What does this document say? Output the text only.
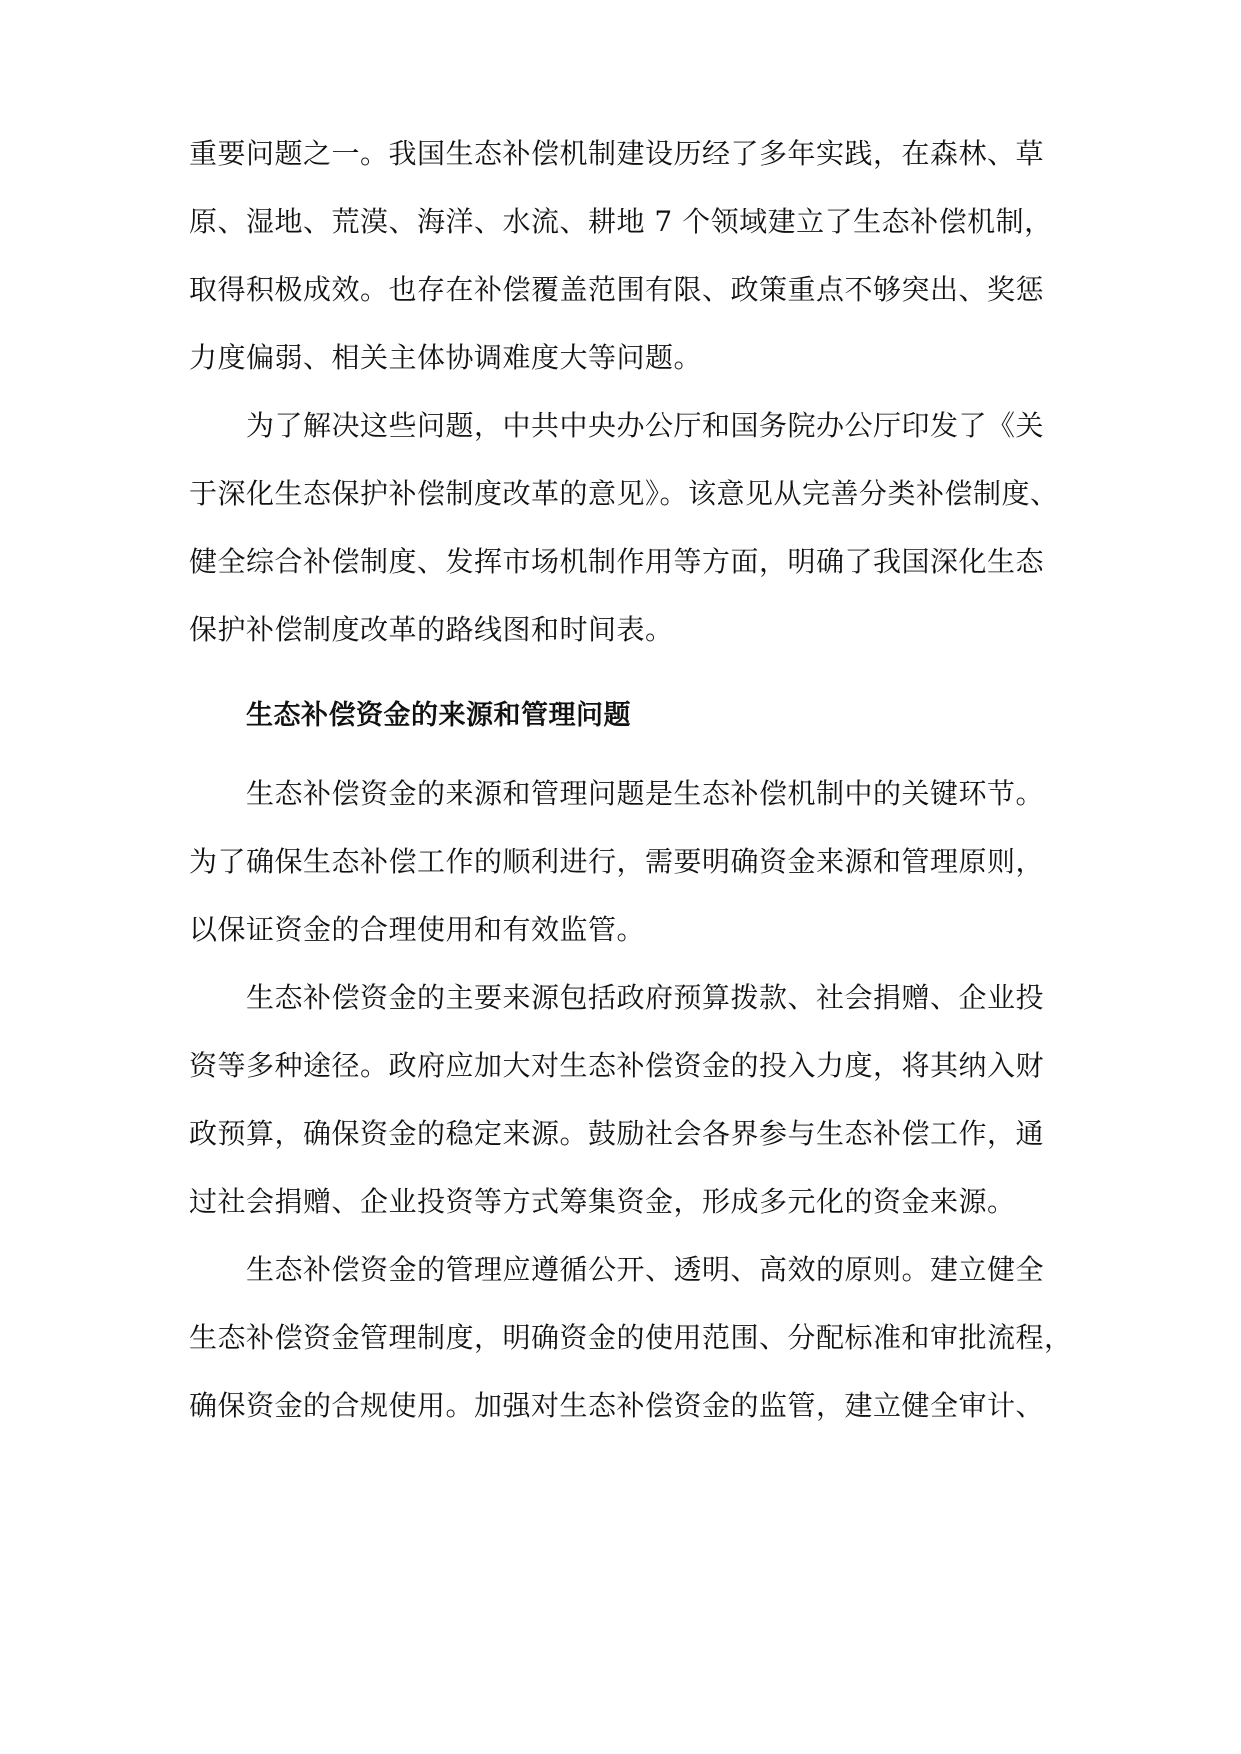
重要问题之一。我国生态补偿机制建设历经了多年实践，在森林、草
原、湿地、荒漠、海洋、水流、耕地 7 个领域建立了生态补偿机制，
取得积极成效。也存在补偿覆盖范围有限、政策重点不够突出、奖惩
力度偏弱、相关主体协调难度大等问题。
为了解决这些问题，中共中央办公厅和国务院办公厅印发了《关
于深化生态保护补偿制度改革的意见》。该意见从完善分类补偿制度、
健全综合补偿制度、发挥市场机制作用等方面，明确了我国深化生态
保护补偿制度改革的路线图和时间表。
生态补偿资金的来源和管理问题
生态补偿资金的来源和管理问题是生态补偿机制中的关键环节。
为了确保生态补偿工作的顺利进行，需要明确资金来源和管理原则，
以保证资金的合理使用和有效监管。
生态补偿资金的主要来源包括政府预算拨款、社会捐赠、企业投
资等多种途径。政府应加大对生态补偿资金的投入力度，将其纳入财
政预算，确保资金的稳定来源。鼓励社会各界参与生态补偿工作，通
过社会捐赠、企业投资等方式筹集资金，形成多元化的资金来源。
生态补偿资金的管理应遵循公开、透明、高效的原则。建立健全
生态补偿资金管理制度，明确资金的使用范围、分配标准和审批流程，
确保资金的合规使用。加强对生态补偿资金的监管，建立健全审计、
